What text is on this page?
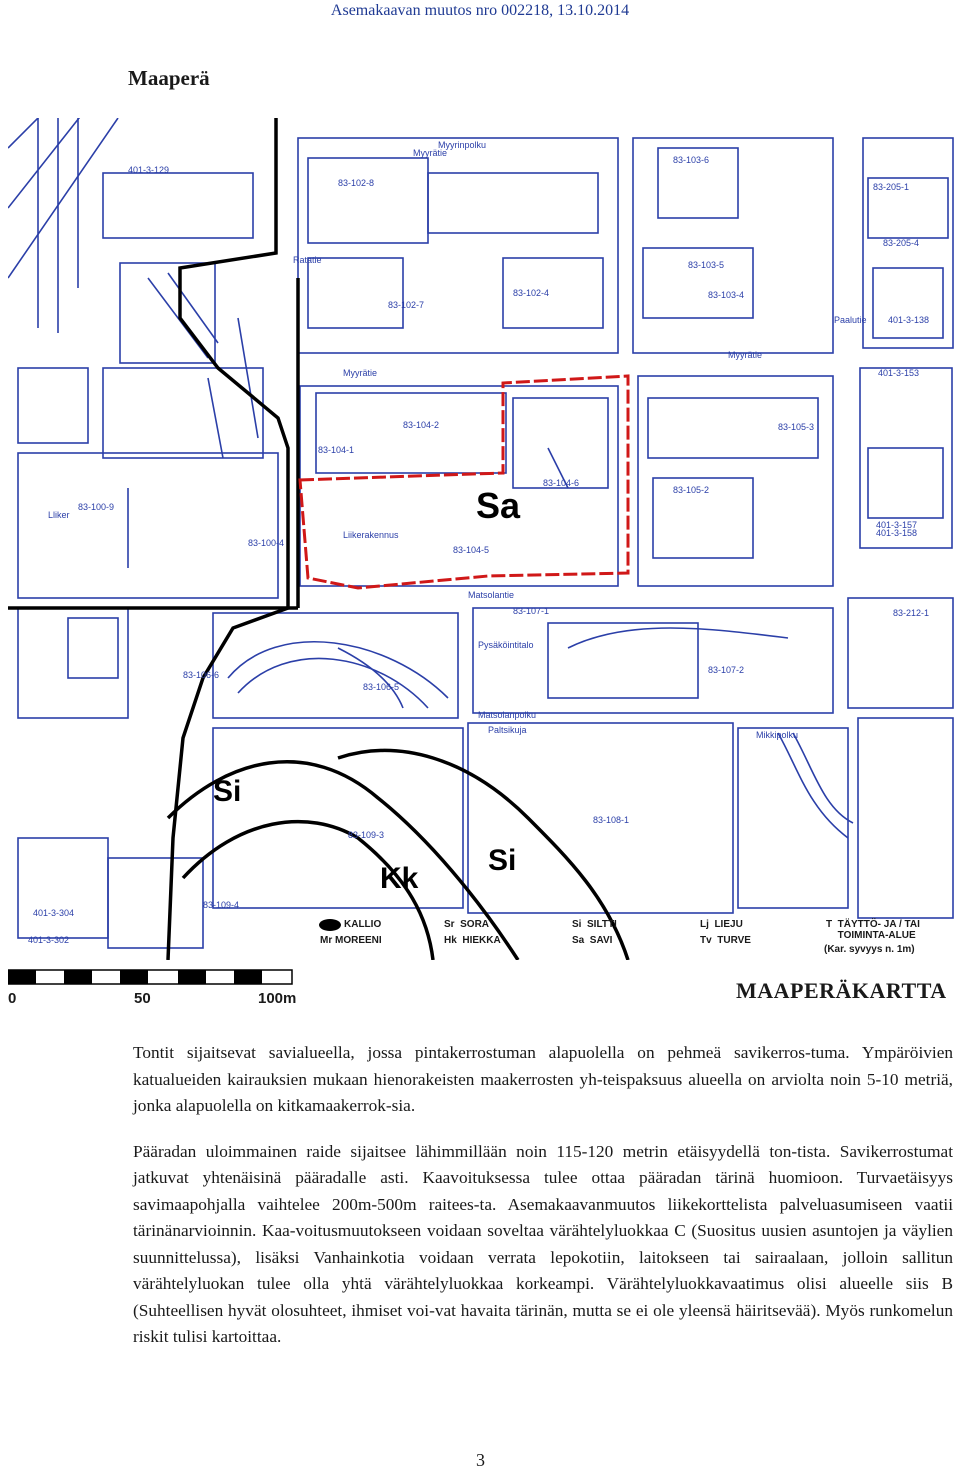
Asemakaavan muutos nro 002218, 13.10.2014
Maaperä
Sa
Si
Si
Kk
Myyrätie
Myyrätie
Myyrätie
Matsolantie
Matsolanpolku
Myyrinpolku
Paltsikuja
Ratatie
Paalutie
Mikkipolku
Pysäköintitalo
Liikerakennus
Lliker
83-102-8
83-102-4
83-102-7
83-103-6
83-103-5
83-103-4
83-104-1
83-104-2
83-104-6
83-104-5
83-105-2
83-105-3
83-106-5
83-106-6
83-107-1
83-107-2
83-108-1
83-109-3
83-109-4
83-100-9
83-100-4
83-205-4
83-205-1
401-3-157
401-3-158
401-3-153
401-3-138
401-3-129
401-3-302
401-3-304
83-212-1
KALLIO
Mr MOREENI
Sr SORA
Hk HIEKKA
Si SILTTI
Sa SAVI
Lj LIEJU
Tv TURVE
T TÄYTTÖ- JA / TAI TOIMINTA-ALUE
(Kar. syvyys n. 1m)
0	50	100m	MAAPERÄKARTTA

Tontit sijaitsevat savialueella, jossa pintakerrostuman alapuolella on pehmeä savikerros-tuma. Ympäröivien katualueiden kairauksien mukaan hienorakeisten maakerrosten yh-teispaksuus alueella on arviolta noin 5-10 metriä, jonka alapuolella on kitkamaakerrok-sia.

Pääradan uloimmainen raide sijaitsee lähimmillään noin 115-120 metrin etäisyydellä ton-tista. Savikerrostumat jatkuvat yhtenäisinä pääradalle asti. Kaavoituksessa tulee ottaa pääradan tärinä huomioon. Turvaetäisyys savimaapohjalla vaihtelee 200m-500m raitees-ta. Asemakaavanmuutos liikekorttelista palveluasumiseen vaatii tärinänarvioinnin. Kaa-voitusmuutokseen voidaan soveltaa värähtelyluokkaa C (Suositus uusien asuntojen ja väylien suunnittelussa), lisäksi Vanhainkotia voidaan verrata lepokotiin, laitokseen tai sairaalaan, jolloin sallitun värähtelyluokan tulee olla yhtä värähtelyluokkaa korkeampi. Värähtelyluokkavaatimus olisi alueelle siis B (Suhteellisen hyvät olosuhteet, ihmiset voi-vat havaita tärinän, mutta se ei ole yleensä häiritsevää). Myös runkomelun riskit tulisi kartoittaa.

3
